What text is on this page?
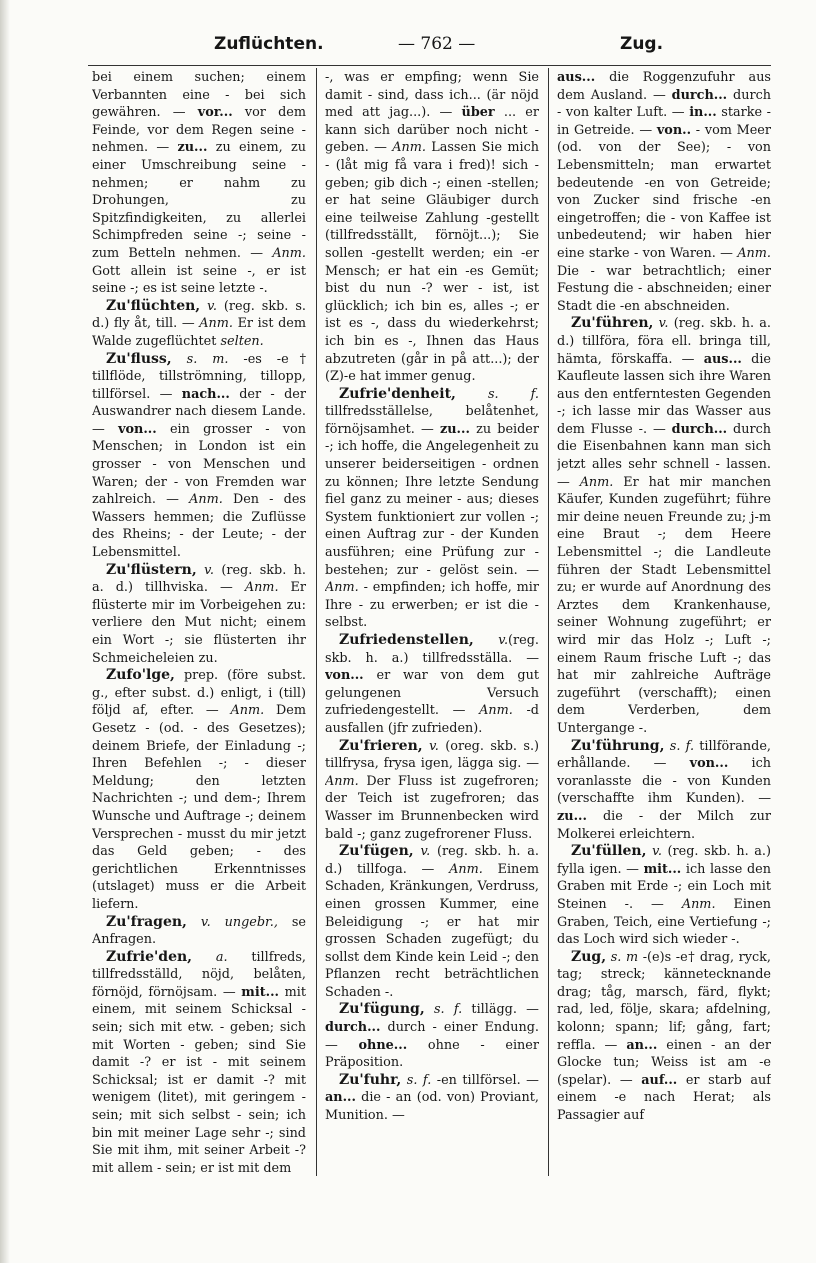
Zuflüchten.	— 762 —	Zug.

bei einem suchen; einem Verbannten eine - bei sich gewähren. — vor... vor dem Feinde, vor dem Regen seine - nehmen. — zu... zu einem, zu einer Umschreibung seine - nehmen; er nahm zu Drohungen, zu Spitzfindigkeiten, zu allerlei Schimpfreden seine -; seine - zum Betteln nehmen. — Anm. Gott allein ist seine -, er ist seine -; es ist seine letzte -.

Zu'flüchten, v. (reg. skb. s. d.) fly åt, till. — Anm. Er ist dem Walde zugeflüchtet selten.

Zu'fluss, s. m. -es -e† tillflöde, tillströmning, tillopp, tillförsel. — nach... der - der Auswandrer nach diesem Lande. — von... ein grosser - von Menschen; in London ist ein grosser - von Menschen und Waren; der - von Fremden war zahlreich. — Anm. Den - des Wassers hemmen; die Zuflüsse des Rheins; - der Leute; - der Lebensmittel.

Zu'flüstern, v. (reg. skb. h. a. d.) tillhviska. — Anm. Er flüsterte mir im Vorbeigehen zu: verliere den Mut nicht; einem ein Wort -; sie flüsterten ihr Schmeicheleien zu.

Zufo'lge, prep. (före subst. g., efter subst. d.) enligt, i (till) följd af, efter. — Anm. Dem Gesetz - (od. - des Gesetzes); deinem Briefe, der Einladung -; Ihren Befehlen -; - dieser Meldung; den letzten Nachrichten -; und dem-; Ihrem Wunsche und Auftrage -; deinem Versprechen - musst du mir jetzt das Geld geben; - des gerichtlichen Erkenntnisses (utslaget) muss er die Arbeit liefern.

Zu'fragen, v. ungebr., se Anfragen.

Zufrie'den, a. tillfreds, tillfredsställd, nöjd, belåten, förnöjd, förnöjsam. — mit... mit einem, mit seinem Schicksal - sein; sich mit etw. - geben; sich mit Worten - geben; sind Sie damit -? er ist - mit seinem Schicksal; ist er damit -? mit wenigem (litet), mit geringem - sein; mit sich selbst - sein; ich bin mit meiner Lage sehr -; sind Sie mit ihm, mit seiner Arbeit -? mit allem - sein; er ist mit dem

-, was er empfing; wenn Sie damit - sind, dass ich... (är nöjd med att jag...). — über ... er kann sich darüber noch nicht - geben. — Anm. Lassen Sie mich - (låt mig få vara i fred)! sich - geben; gib dich -; einen -stellen; er hat seine Gläubiger durch eine teilweise Zahlung -gestellt (tillfredsställt, förnöjt...); Sie sollen -gestellt werden; ein -er Mensch; er hat ein -es Gemüt; bist du nun -? wer - ist, ist glücklich; ich bin es, alles -; er ist es -, dass du wiederkehrst; ich bin es -, Ihnen das Haus abzutreten (går in på att...); der (Z)-e hat immer genug.

Zufrie'denheit,	s. f. tillfredsställelse, belåtenhet, förnöjsamhet. — zu... zu beider -; ich hoffe, die Angelegenheit zu unserer beiderseitigen - ordnen zu können; Ihre letzte Sendung fiel ganz zu meiner - aus; dieses System funktioniert zur vollen -; einen Auftrag zur - der Kunden ausführen; eine Prüfung zur - bestehen; zur - gelöst sein. — Anm. - empfinden; ich hoffe, mir Ihre - zu erwerben; er ist die - selbst.

Zufriedenstellen, v.(reg. skb. h. a.) tillfredsställa. — von... er war von dem gut gelungenen Versuch zufriedengestellt. — Anm. -d ausfallen (jfr zufrieden).

Zu'frieren, v. (oreg. skb. s.) tillfrysa, frysa igen, lägga sig. — Anm. Der Fluss ist zugefroren; der Teich ist zugefroren; das Wasser im Brunnenbecken wird bald -; ganz zugefrorener Fluss.

Zu'fügen, v. (reg. skb. h. a. d.) tillfoga. — Anm. Einem Schaden, Kränkungen, Verdruss, einen grossen Kummer, eine Beleidigung -; er hat mir grossen Schaden zugefügt; du sollst dem Kinde kein Leid -; den Pflanzen recht beträchtlichen Schaden -.

Zu'fügung, s. f. tillägg. — durch... durch - einer Endung. — ohne... ohne - einer Präposition.

Zu'fuhr, s. f. -en tillförsel. — an... die - an (od. von) Proviant, Munition. —

aus... die Roggenzufuhr aus dem Ausland. — durch... durch - von kalter Luft. — in... starke - in Getreide. — von.. - vom Meer (od. von der See); - von Lebensmitteln; man erwartet bedeutende -en von Getreide; von Zucker sind frische -en eingetroffen; die - von Kaffee ist unbedeutend; wir haben hier eine starke - von Waren. — Anm. Die - war betrachtlich; einer Festung die - abschneiden; einer Stadt die -en abschneiden.

Zu'führen, v. (reg. skb. h. a. d.) tillföra, föra ell. bringa till, hämta, förskaffa. — aus... die Kaufleute lassen sich ihre Waren aus den entferntesten Gegenden -; ich lasse mir das Wasser aus dem Flusse -. — durch... durch die Eisenbahnen kann man sich jetzt alles sehr schnell - lassen. — Anm. Er hat mir manchen Käufer, Kunden zugeführt; führe mir deine neuen Freunde zu; j-m eine Braut -; dem Heere Lebensmittel -; die Landleute führen der Stadt Lebensmittel zu; er wurde auf Anordnung des Arztes dem Krankenhause, seiner Wohnung zugeführt; er wird mir das Holz -; Luft -; einem Raum frische Luft -; das hat mir zahlreiche Aufträge zugeführt (verschafft); einen dem Verderben, dem Untergange -.

Zu'führung, s. f. tillförande, erhållande. — von... ich voranlasste die - von Kunden (verschaffte ihm Kunden). — zu... die - der Milch zur Molkerei erleichtern.

Zu'füllen, v. (reg. skb. h. a.) fylla igen. — mit... ich lasse den Graben mit Erde -; ein Loch mit Steinen -. — Anm. Einen Graben, Teich, eine Vertiefung -; das Loch wird sich wieder -.

Zug, s. m -(e)s -e† drag, ryck, tag; streck; kännetecknande drag; tåg, marsch, färd, flykt; rad, led, följe, skara; afdelning, kolonn; spann; lif; gång, fart; reffla. — an... einen - an der Glocke tun; Weiss ist am -e (spelar). — auf... er starb auf einem -e nach Herat; als Passagier auf
